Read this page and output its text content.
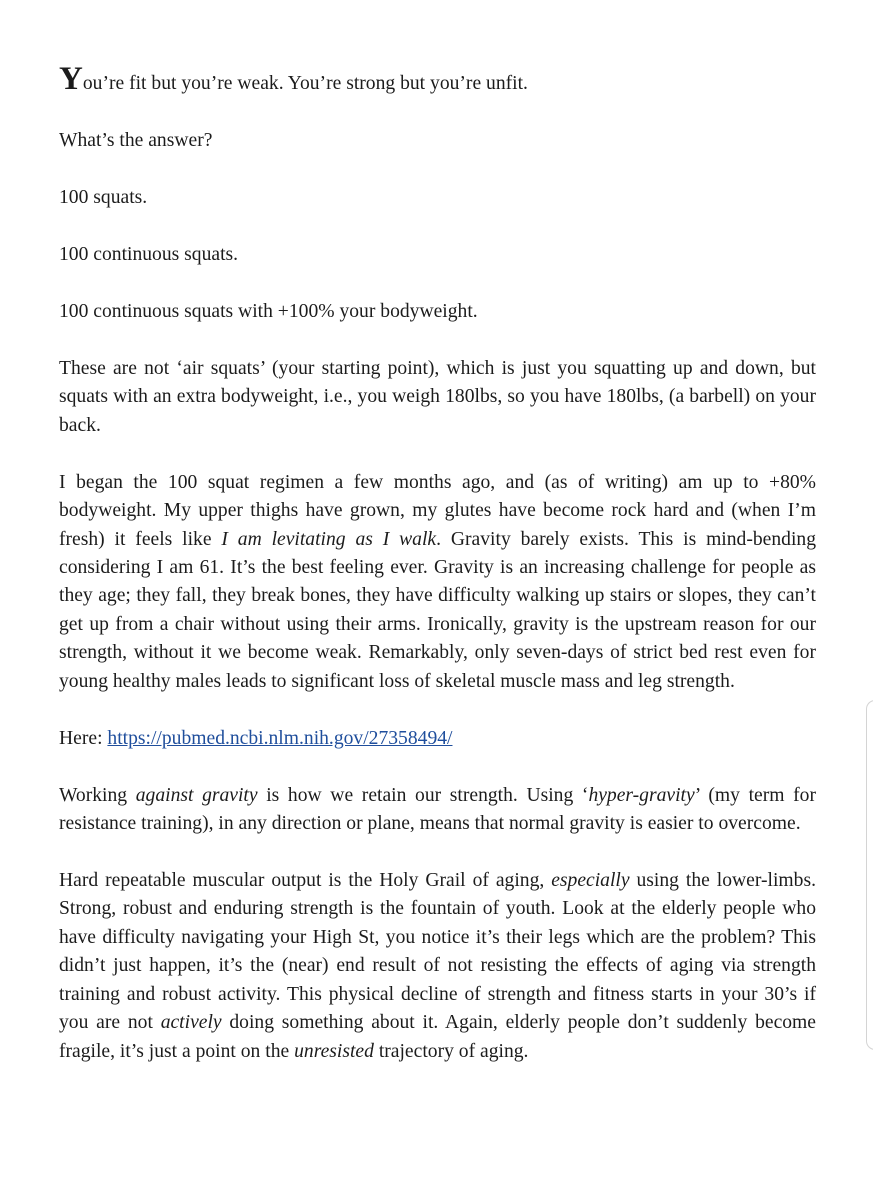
You’re fit but you’re weak. You’re strong but you’re unfit.

What’s the answer?

100 squats.

100 continuous squats.

100 continuous squats with +100% your bodyweight.

These are not ‘air squats’ (your starting point), which is just you squatting up and down, but squats with an extra bodyweight, i.e., you weigh 180lbs, so you have 180lbs, (a barbell) on your back.

I began the 100 squat regimen a few months ago, and (as of writing) am up to +80% bodyweight. My upper thighs have grown, my glutes have become rock hard and (when I’m fresh) it feels like I am levitating as I walk. Gravity barely exists. This is mind-bending considering I am 61. It’s the best feeling ever. Gravity is an increasing challenge for people as they age; they fall, they break bones, they have difficulty walking up stairs or slopes, they can’t get up from a chair without using their arms. Ironically, gravity is the upstream reason for our strength, without it we become weak. Remarkably, only seven-days of strict bed rest even for young healthy males leads to significant loss of skeletal muscle mass and leg strength.

Here: https://pubmed.ncbi.nlm.nih.gov/27358494/

Working against gravity is how we retain our strength. Using ‘hyper-gravity’ (my term for resistance training), in any direction or plane, means that normal gravity is easier to overcome.

Hard repeatable muscular output is the Holy Grail of aging, especially using the lower-limbs. Strong, robust and enduring strength is the fountain of youth. Look at the elderly people who have difficulty navigating your High St, you notice it’s their legs which are the problem? This didn’t just happen, it’s the (near) end result of not resisting the effects of aging via strength training and robust activity. This physical decline of strength and fitness starts in your 30’s if you are not actively doing something about it. Again, elderly people don’t suddenly become fragile, it’s just a point on the unresisted trajectory of aging.
